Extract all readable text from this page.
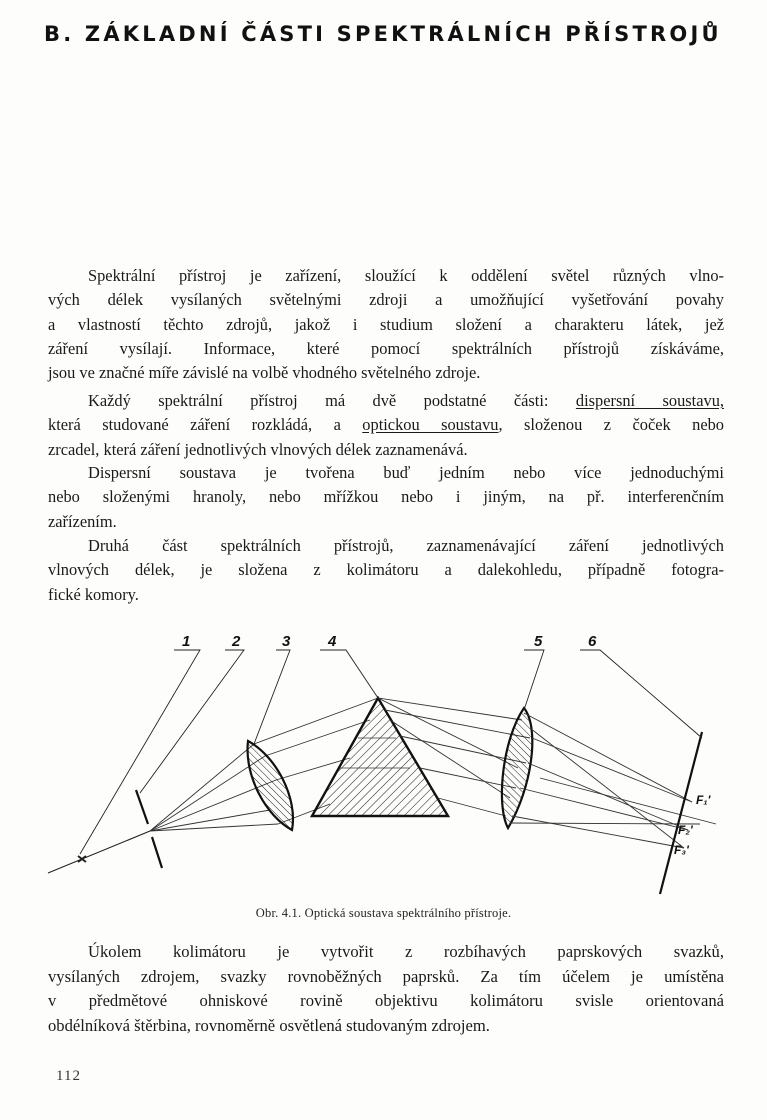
B. ZÁKLADNÍ ČÁSTI SPEKTRÁLNÍCH PŘÍSTROJŮ

Spektrální přístroj je zařízení, sloužící k oddělení světel různých vlno-
vých délek vysílaných světelnými zdroji a umožňující vyšetřování povahy
a vlastností těchto zdrojů, jakož i studium složení a charakteru látek, jež
záření vysílají. Informace, které pomocí spektrálních přístrojů získáváme,
jsou ve značné míře závislé na volbě vhodného světelného zdroje.

Každý spektrální přístroj má dvě podstatné části: dispersní soustavu,
která studované záření rozkládá, a optickou soustavu, složenou z čoček nebo
zrcadel, která záření jednotlivých vlnových délek zaznamenává.

Dispersní soustava je tvořena buď jedním nebo více jednoduchými
nebo složenými hranoly, nebo mřížkou nebo i jiným, na př. interferenčním
zařízením.

Druhá část spektrálních přístrojů, zaznamenávající záření jednotlivých
vlnových délek, je složena z kolimátoru a dalekohledu, případně fotogra-
fické komory.

1	2	3	4	5	6
F₁'
F₂'
F₃'
Obr. 4.1. Optická soustava spektrálního přístroje.

Úkolem kolimátoru je vytvořit z rozbíhavých paprskových svazků,
vysílaných zdrojem, svazky rovnoběžných paprsků. Za tím účelem je umístěna
v předmětové ohniskové rovině objektivu kolimátoru svisle orientovaná
obdélníková štěrbina, rovnoměrně osvětlená studovaným zdrojem.

112
